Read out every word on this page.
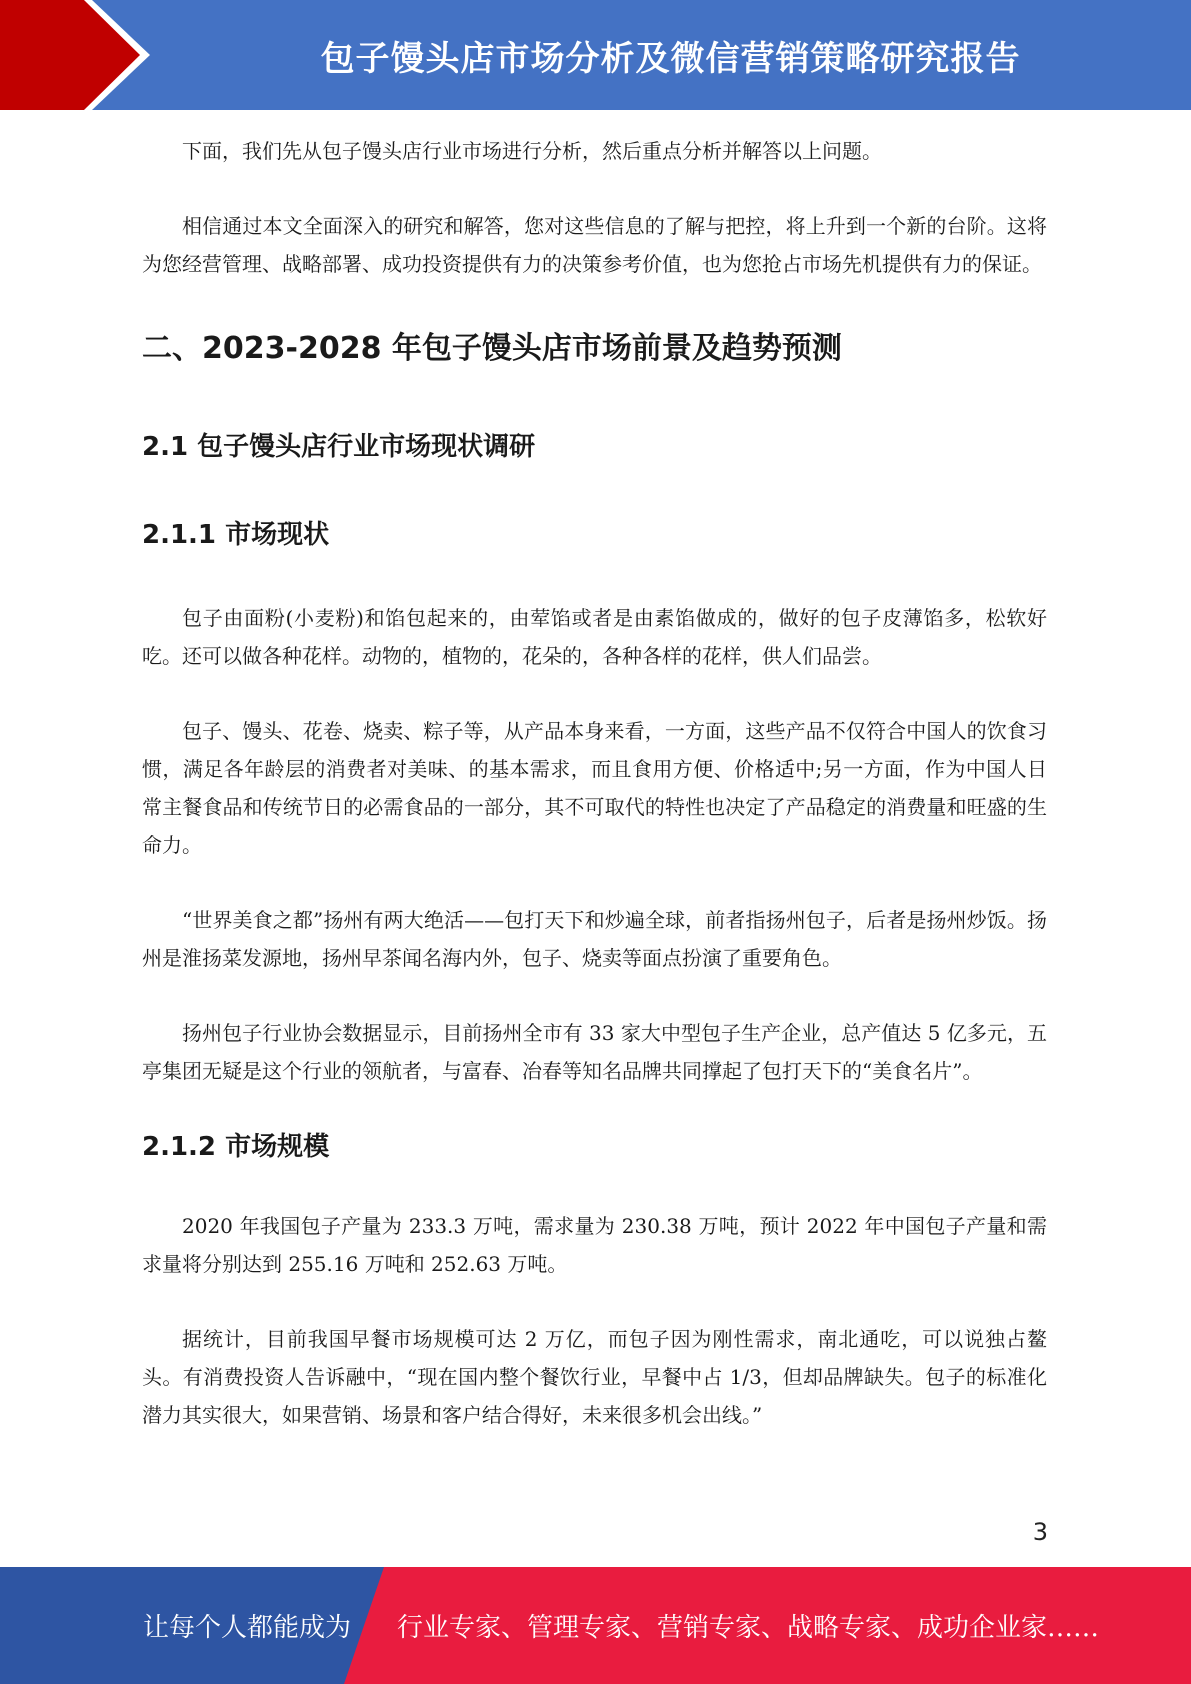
包子馒头店市场分析及微信营销策略研究报告

下面，我们先从包子馒头店行业市场进行分析，然后重点分析并解答以上问题。

相信通过本文全面深入的研究和解答，您对这些信息的了解与把控，将上升到一个新的台阶。这将为您经营管理、战略部署、成功投资提供有力的决策参考价值，也为您抢占市场先机提供有力的保证。

二、2023-2028 年包子馒头店市场前景及趋势预测
2.1 包子馒头店行业市场现状调研
2.1.1 市场现状

包子由面粉(小麦粉)和馅包起来的，由荤馅或者是由素馅做成的，做好的包子皮薄馅多，松软好吃。还可以做各种花样。动物的，植物的，花朵的，各种各样的花样，供人们品尝。

包子、馒头、花卷、烧卖、粽子等，从产品本身来看，一方面，这些产品不仅符合中国人的饮食习惯，满足各年龄层的消费者对美味、的基本需求，而且食用方便、价格适中;另一方面，作为中国人日常主餐食品和传统节日的必需食品的一部分，其不可取代的特性也决定了产品稳定的消费量和旺盛的生命力。

“世界美食之都”扬州有两大绝活——包打天下和炒遍全球，前者指扬州包子，后者是扬州炒饭。扬州是淮扬菜发源地，扬州早茶闻名海内外，包子、烧卖等面点扮演了重要角色。

扬州包子行业协会数据显示，目前扬州全市有 33 家大中型包子生产企业，总产值达 5 亿多元，五亭集团无疑是这个行业的领航者，与富春、冶春等知名品牌共同撑起了包打天下的“美食名片”。

2.1.2 市场规模

2020 年我国包子产量为 233.3 万吨，需求量为 230.38 万吨，预计 2022 年中国包子产量和需求量将分别达到 255.16 万吨和 252.63 万吨。

据统计，目前我国早餐市场规模可达 2 万亿，而包子因为刚性需求，南北通吃，可以说独占鳌头。有消费投资人告诉融中，“现在国内整个餐饮行业，早餐中占 1/3，但却品牌缺失。包子的标准化潜力其实很大，如果营销、场景和客户结合得好，未来很多机会出线。”

3
让每个人都能成为 行业专家、管理专家、营销专家、战略专家、成功企业家……
